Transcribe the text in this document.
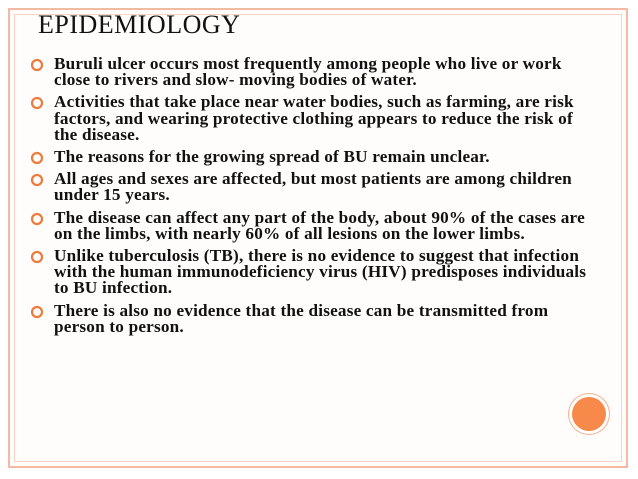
EPIDEMIOLOGY
Buruli ulcer occurs most frequently among people who live or work close to rivers and slow- moving bodies of water.
Activities that take place near water bodies, such as farming, are risk factors, and wearing protective clothing appears to reduce the risk of the disease.
The reasons for the growing spread of BU remain unclear.
All ages and sexes are affected, but most patients are among children under 15 years.
The disease can affect any part of the body, about 90% of the cases are on the limbs, with nearly 60% of all lesions on the lower limbs.
Unlike tuberculosis (TB), there is no evidence to suggest that infection with the human immunodeficiency virus (HIV) predisposes individuals to BU infection.
There is also no evidence that the disease can be transmitted from person to person.
